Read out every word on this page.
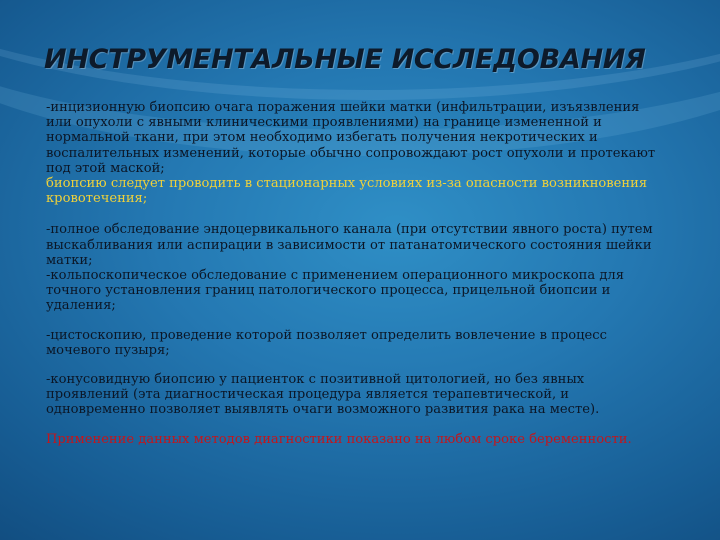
ИНСТРУМЕНТАЛЬНЫЕ ИССЛЕДОВАНИЯ

-инцизионную биопсию очага поражения шейки матки (инфильтрации, изъязвления или опухоли с явными клиническими проявлениями) на границе измененной и нормальной ткани, при этом необходимо избегать получения некротических и воспалительных изменений, которые обычно сопровождают рост опухоли и протекают под этой маской;

биопсию следует проводить в стационарных условиях из-за опасности возникновения кровотечения;

-полное обследование эндоцервикального канала (при отсутствии явного роста) путем выскабливания или аспирации в зависимости от патанатомического состояния шейки матки;

-кольпоскопическое обследование с применением операционного микроскопа для точного установления границ патологического процесса, прицельной биопсии и удаления;

-цистоскопию, проведение которой позволяет определить вовлечение в процесс мочевого пузыря;

-конусовидную биопсию у пациенток с позитивной цитологией, но без явных проявлений (эта диагностическая процедура является терапевтической, и одновременно позволяет выявлять очаги возможного развития рака на месте).

Применение данных методов диагностики показано на любом сроке беременности.
